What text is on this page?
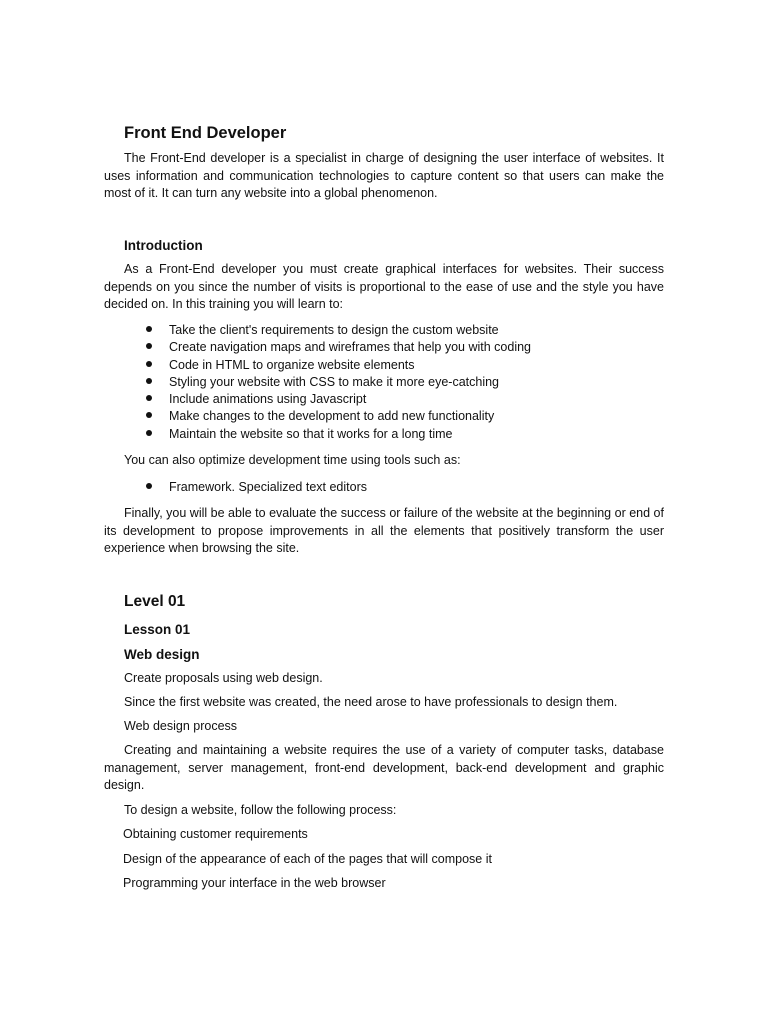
Front End Developer

The Front-End developer is a specialist in charge of designing the user interface of websites. It uses information and communication technologies to capture content so that users can make the most of it. It can turn any website into a global phenomenon.

Introduction

As a Front-End developer you must create graphical interfaces for websites. Their success depends on you since the number of visits is proportional to the ease of use and the style you have decided on. In this training you will learn to:

Take the client's requirements to design the custom website
Create navigation maps and wireframes that help you with coding
Code in HTML to organize website elements
Styling your website with CSS to make it more eye-catching
Include animations using Javascript
Make changes to the development to add new functionality
Maintain the website so that it works for a long time

You can also optimize development time using tools such as:

Framework. Specialized text editors

Finally, you will be able to evaluate the success or failure of the website at the beginning or end of its development to propose improvements in all the elements that positively transform the user experience when browsing the site.

Level 01
Lesson 01
Web design

Create proposals using web design.

Since the first website was created, the need arose to have professionals to design them.

Web design process

Creating and maintaining a website requires the use of a variety of computer tasks, database management, server management, front-end development, back-end development and graphic design.

To design a website, follow the following process:

Obtaining customer requirements

Design of the appearance of each of the pages that will compose it

Programming your interface in the web browser
